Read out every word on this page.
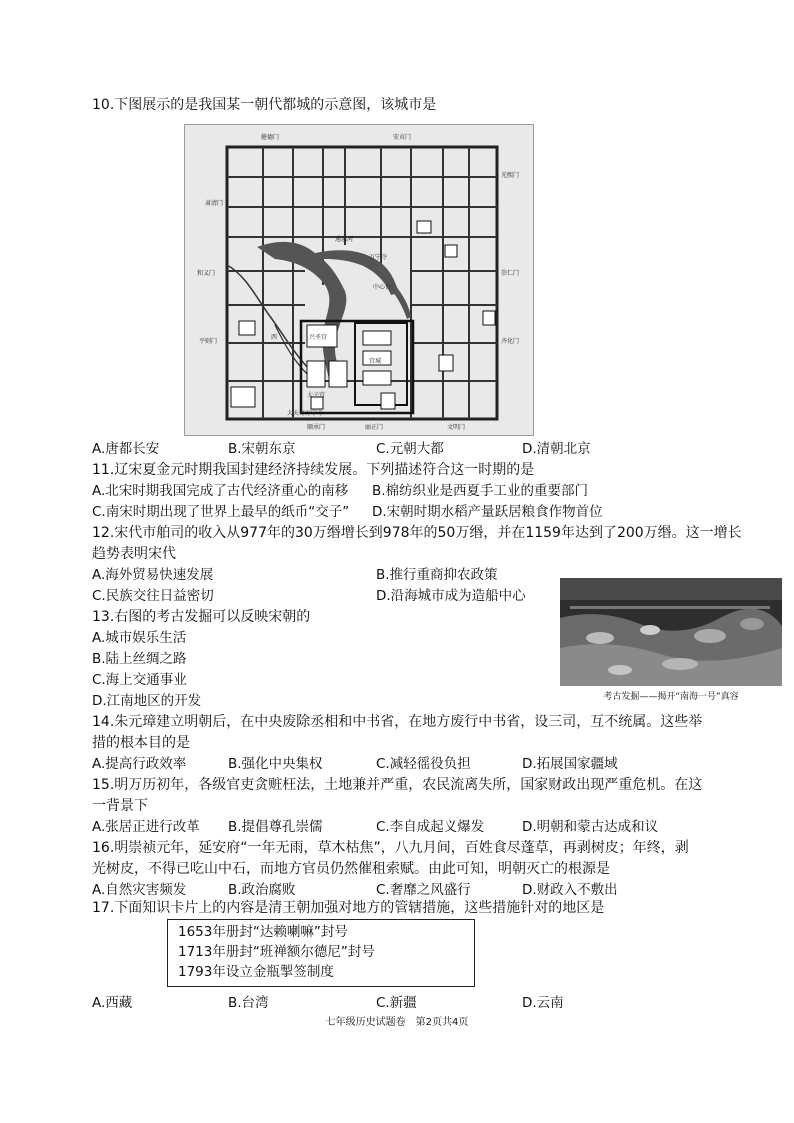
10.下图展示的是我国某一朝代都城的示意图，该城市是
健德门	安贞门
肃清门
和义门
平则门
光熙门
崇仁门
齐化门
顺承门	丽正门	文明门
中心台
宫城
万宁寺
兴圣宫
太子宫
大天寿万宁寺
通惠河
西
A.唐都长安	B.宋朝东京	C.元朝大都	D.清朝北京
11.辽宋夏金元时期我国封建经济持续发展。下列描述符合这一时期的是
A.北宋时期我国完成了古代经济重心的南移 B.棉纺织业是西夏手工业的重要部门
C.南宋时期出现了世界上最早的纸币“交子” D.宋朝时期水稻产量跃居粮食作物首位
12.宋代市舶司的收入从977年的30万缗增长到978年的50万缗，并在1159年达到了200万缗。这一增长
趋势表明宋代
A.海外贸易快速发展	B.推行重商抑农政策
C.民族交往日益密切	D.沿海城市成为造船中心
13.右图的考古发掘可以反映宋朝的
A.城市娱乐生活
B.陆上丝绸之路
C.海上交通事业
D.江南地区的开发	考古发掘——揭开“南海一号”真容
14.朱元璋建立明朝后，在中央废除丞相和中书省，在地方废行中书省，设三司，互不统属。这些举
措的根本目的是
A.提高行政效率	B.强化中央集权	C.减轻徭役负担	D.拓展国家疆域
15.明万历初年，各级官吏贪赃枉法，土地兼并严重，农民流离失所，国家财政出现严重危机。在这
一背景下
A.张居正进行改革 B.提倡尊孔崇儒	C.李自成起义爆发	D.明朝和蒙古达成和议
16.明崇祯元年，延安府“一年无雨，草木枯焦”，八九月间，百姓食尽蓬草，再剥树皮；年终，剥
光树皮，不得已吃山中石，而地方官员仍然催租索赋。由此可知，明朝灭亡的根源是
A.自然灾害频发	B.政治腐败	C.奢靡之风盛行	D.财政入不敷出
17.下面知识卡片上的内容是清王朝加强对地方的管辖措施，这些措施针对的地区是
1653年册封“达赖喇嘛”封号
1713年册封“班禅额尔德尼”封号
1793年设立金瓶掣签制度
A.西藏	B.台湾	C.新疆	D.云南
七年级历史试题卷　第2页共4页
